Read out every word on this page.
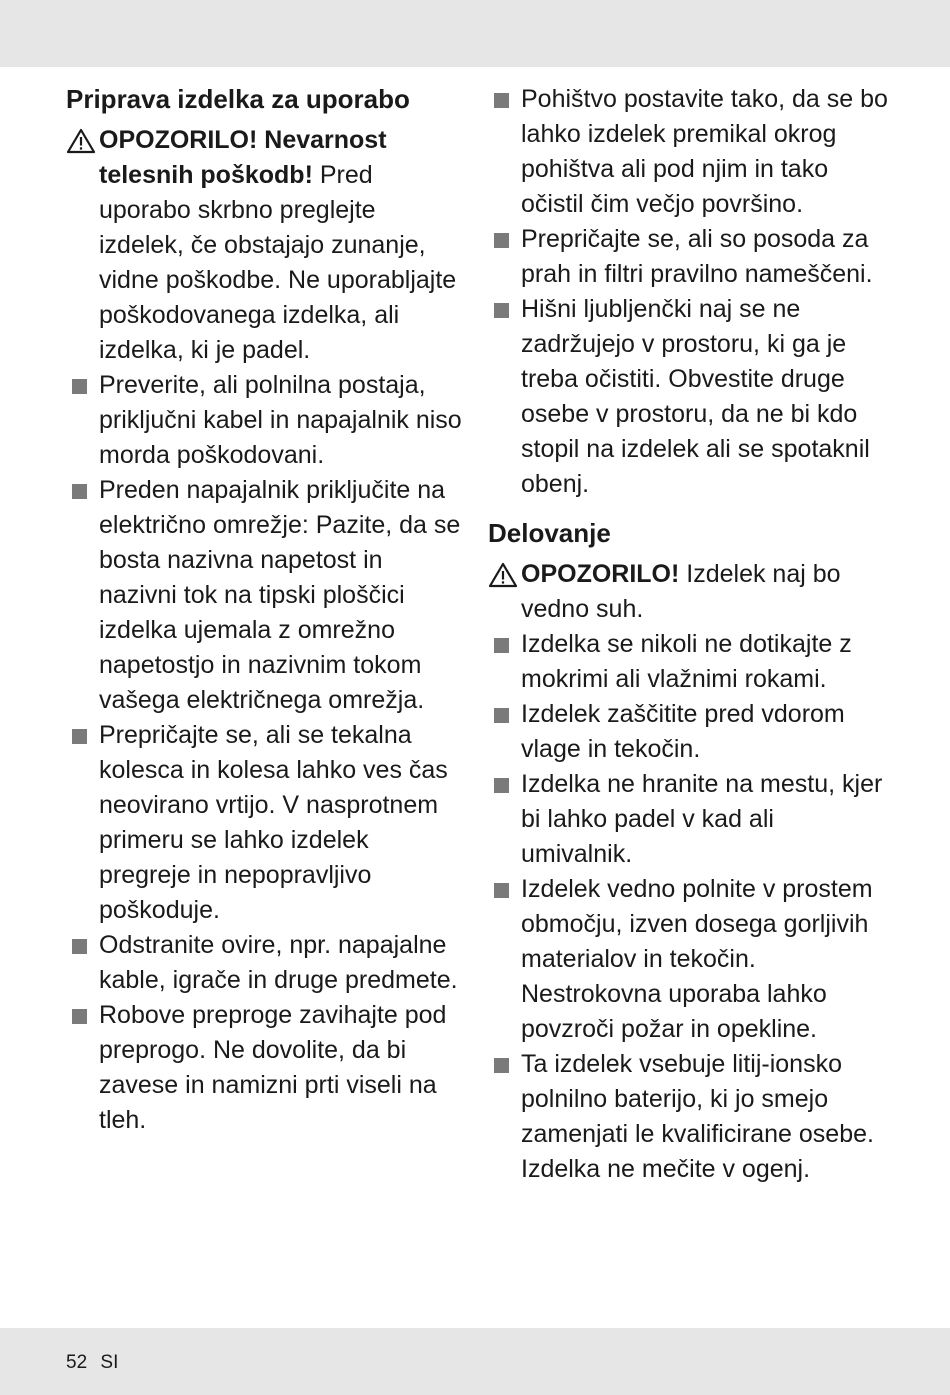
Priprava izdelka za uporabo
OPOZORILO! Nevarnost telesnih poškodb! Pred uporabo skrbno preglejte izdelek, če obstajajo zunanje, vidne poškodbe. Ne uporabljajte poškodovanega izdelka, ali izdelka, ki je padel.
Preverite, ali polnilna postaja, priključni kabel in napajalnik niso morda poškodovani.
Preden napajalnik priključite na električno omrežje: Pazite, da se bosta nazivna napetost in nazivni tok na tipski ploščici izdelka ujemala z omrežno napetostjo in nazivnim tokom vašega električnega omrežja.
Prepričajte se, ali se tekalna kolesca in kolesa lahko ves čas neovirano vrtijo. V nasprotnem primeru se lahko izdelek pregreje in nepopravljivo poškoduje.
Odstranite ovire, npr. napajalne kable, igrače in druge predmete.
Robove preproge zavihajte pod preprogo. Ne dovolite, da bi zavese in namizni prti viseli na tleh.
Pohištvo postavite tako, da se bo lahko izdelek premikal okrog pohištva ali pod njim in tako očistil čim večjo površino.
Prepričajte se, ali so posoda za prah in filtri pravilno nameščeni.
Hišni ljubljenčki naj se ne zadržujejo v prostoru, ki ga je treba očistiti. Obvestite druge osebe v prostoru, da ne bi kdo stopil na izdelek ali se spotaknil obenj.
Delovanje
OPOZORILO! Izdelek naj bo vedno suh.
Izdelka se nikoli ne dotikajte z mokrimi ali vlažnimi rokami.
Izdelek zaščitite pred vdorom vlage in tekočin.
Izdelka ne hranite na mestu, kjer bi lahko padel v kad ali umivalnik.
Izdelek vedno polnite v prostem območju, izven dosega gorljivih materialov in tekočin. Nestrokovna uporaba lahko povzroči požar in opekline.
Ta izdelek vsebuje litij-ionsko polnilno baterijo, ki jo smejo zamenjati le kvalificirane osebe. Izdelka ne mečite v ogenj.
52 SI
